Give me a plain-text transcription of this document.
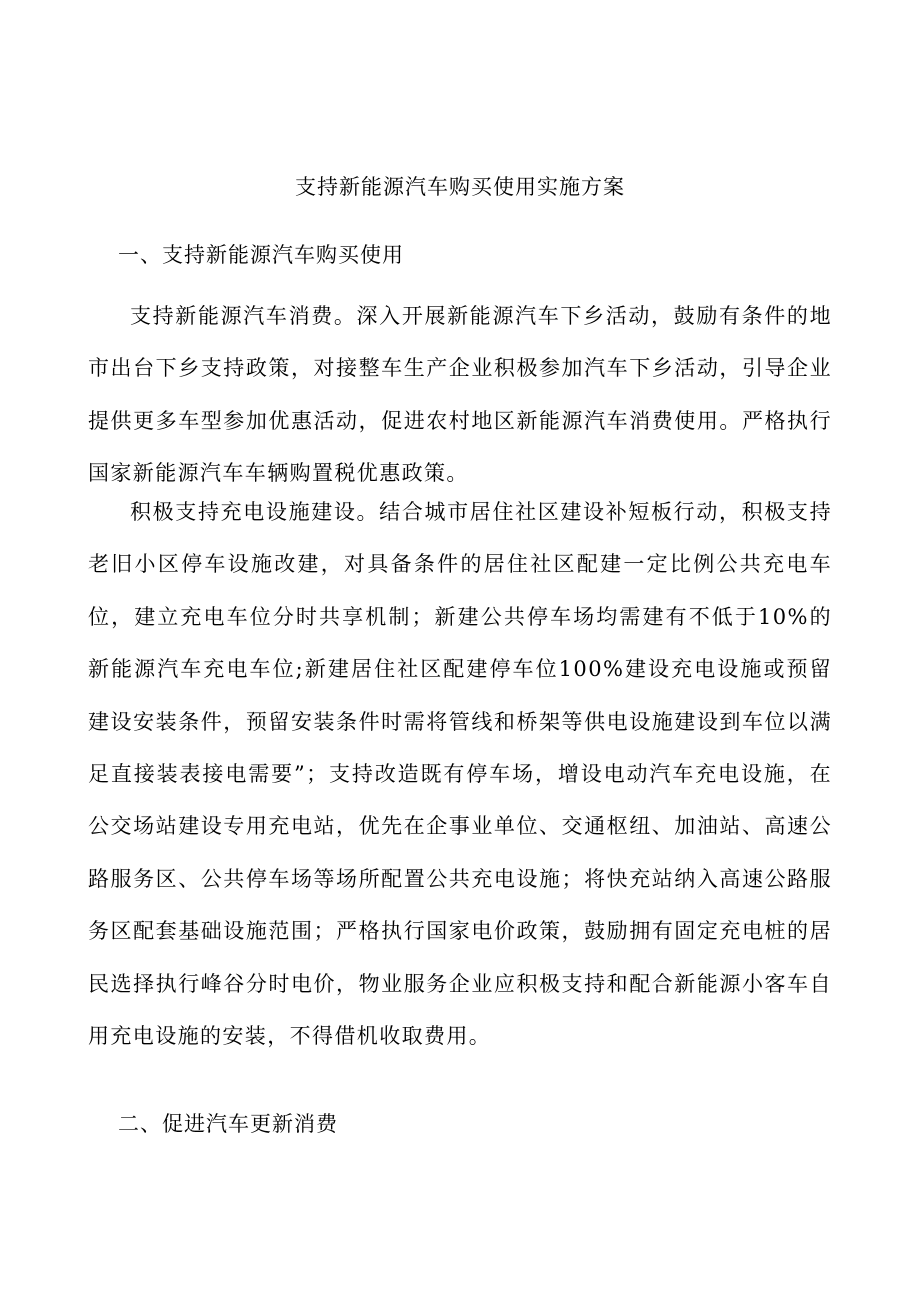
支持新能源汽车购买使用实施方案
一、支持新能源汽车购买使用

支持新能源汽车消费。深入开展新能源汽车下乡活动，鼓励有条件的地市出台下乡支持政策，对接整车生产企业积极参加汽车下乡活动，引导企业提供更多车型参加优惠活动，促进农村地区新能源汽车消费使用。严格执行国家新能源汽车车辆购置税优惠政策。

积极支持充电设施建设。结合城市居住社区建设补短板行动，积极支持老旧小区停车设施改建，对具备条件的居住社区配建一定比例公共充电车位，建立充电车位分时共享机制；新建公共停车场均需建有不低于10%的新能源汽车充电车位;新建居住社区配建停车位100%建设充电设施或预留建设安装条件，预留安装条件时需将管线和桥架等供电设施建设到车位以满足直接装表接电需要”；支持改造既有停车场，增设电动汽车充电设施，在公交场站建设专用充电站，优先在企事业单位、交通枢纽、加油站、高速公路服务区、公共停车场等场所配置公共充电设施；将快充站纳入高速公路服务区配套基础设施范围；严格执行国家电价政策，鼓励拥有固定充电桩的居民选择执行峰谷分时电价，物业服务企业应积极支持和配合新能源小客车自用充电设施的安装，不得借机收取费用。

二、促进汽车更新消费
